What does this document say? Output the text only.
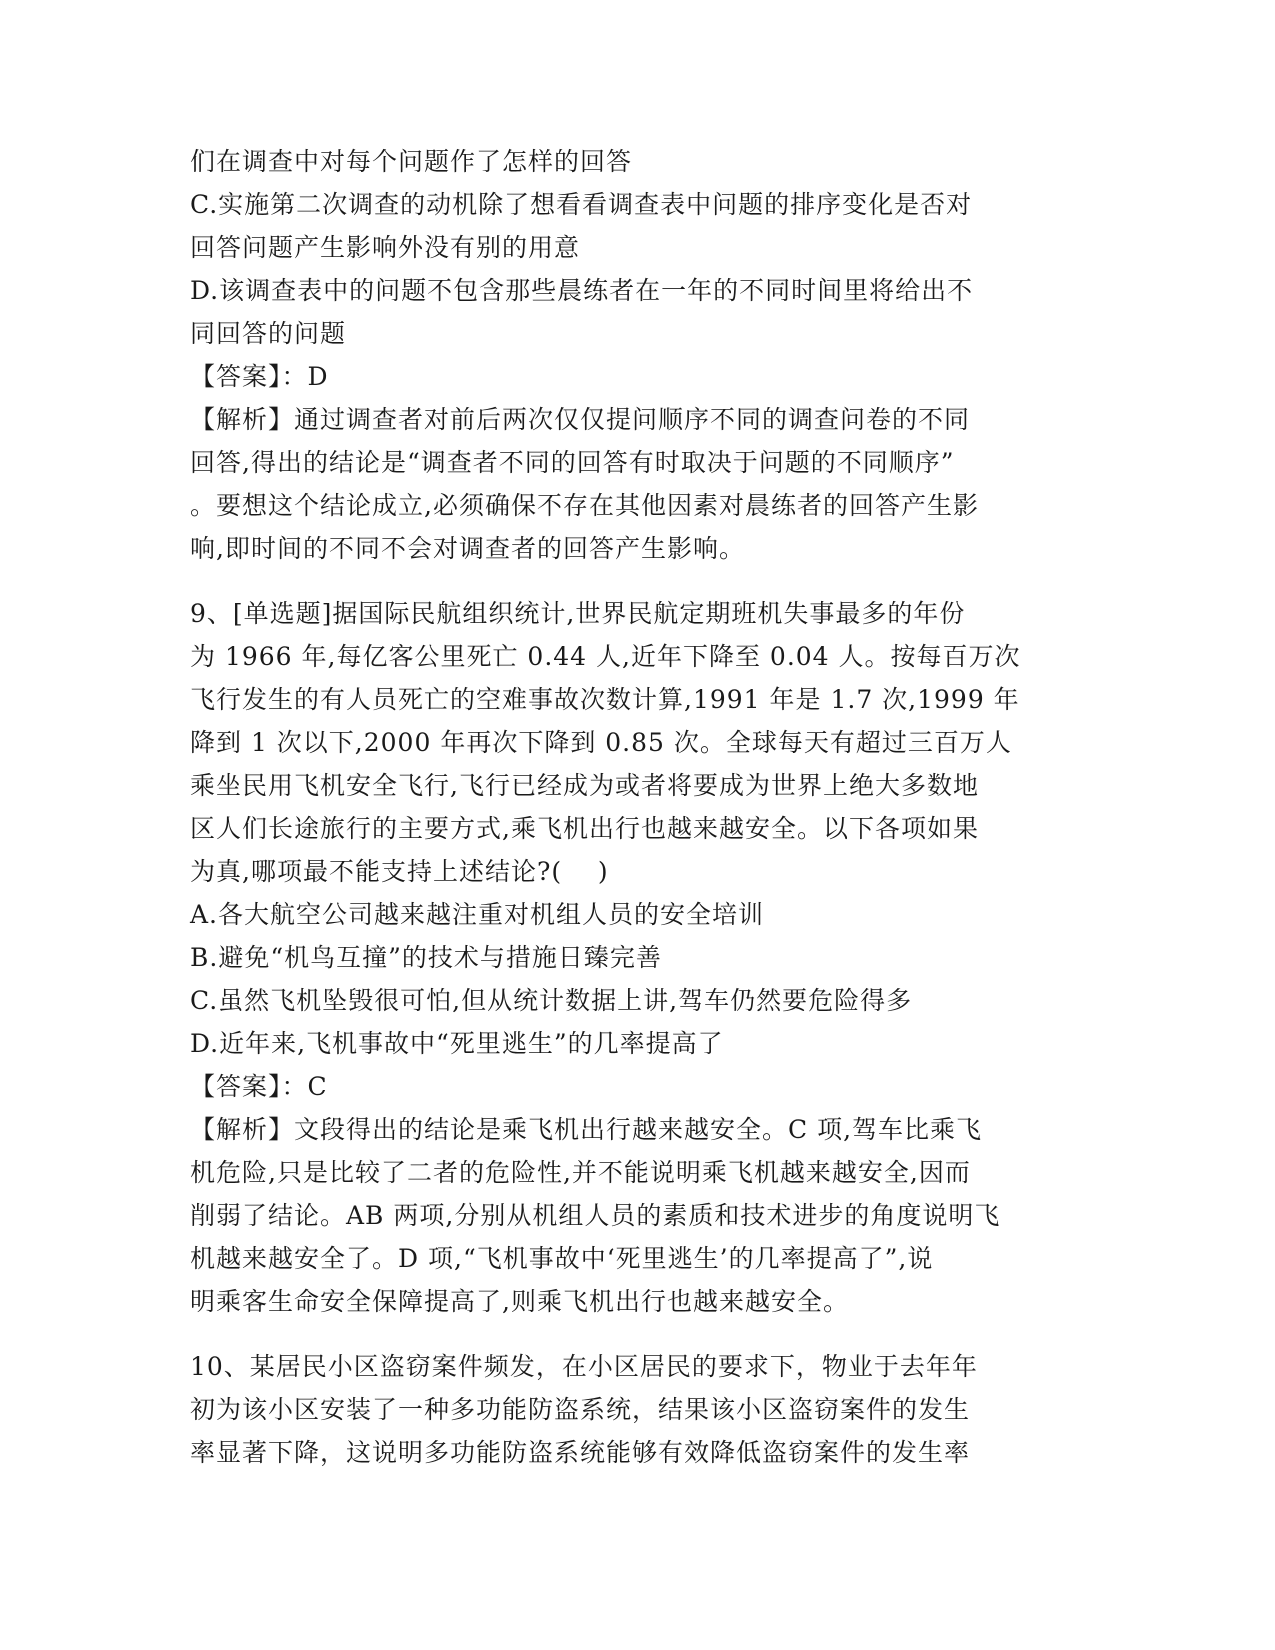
们在调查中对每个问题作了怎样的回答
C.实施第二次调查的动机除了想看看调查表中问题的排序变化是否对
回答问题产生影响外没有别的用意
D.该调查表中的问题不包含那些晨练者在一年的不同时间里将给出不
同回答的问题
【答案】：D
【解析】通过调查者对前后两次仅仅提问顺序不同的调查问卷的不同
回答,得出的结论是“调查者不同的回答有时取决于问题的不同顺序”
。要想这个结论成立,必须确保不存在其他因素对晨练者的回答产生影
响,即时间的不同不会对调查者的回答产生影响。
9、[单选题]据国际民航组织统计,世界民航定期班机失事最多的年份
为 1966 年,每亿客公里死亡 0.44 人,近年下降至 0.04 人。按每百万次
飞行发生的有人员死亡的空难事故次数计算,1991 年是 1.7 次,1999 年
降到 1 次以下,2000 年再次下降到 0.85 次。全球每天有超过三百万人
乘坐民用飞机安全飞行,飞行已经成为或者将要成为世界上绝大多数地
区人们长途旅行的主要方式,乘飞机出行也越来越安全。以下各项如果
为真,哪项最不能支持上述结论?(    )
A.各大航空公司越来越注重对机组人员的安全培训
B.避免“机鸟互撞”的技术与措施日臻完善
C.虽然飞机坠毁很可怕,但从统计数据上讲,驾车仍然要危险得多
D.近年来,飞机事故中“死里逃生”的几率提高了
【答案】：C
【解析】文段得出的结论是乘飞机出行越来越安全。C 项,驾车比乘飞
机危险,只是比较了二者的危险性,并不能说明乘飞机越来越安全,因而
削弱了结论。AB 两项,分别从机组人员的素质和技术进步的角度说明飞
机越来越安全了。D 项,“飞机事故中‘死里逃生’的几率提高了”,说
明乘客生命安全保障提高了,则乘飞机出行也越来越安全。
10、某居民小区盗窃案件频发，在小区居民的要求下，物业于去年年
初为该小区安装了一种多功能防盗系统，结果该小区盗窃案件的发生
率显著下降，这说明多功能防盗系统能够有效降低盗窃案件的发生率
